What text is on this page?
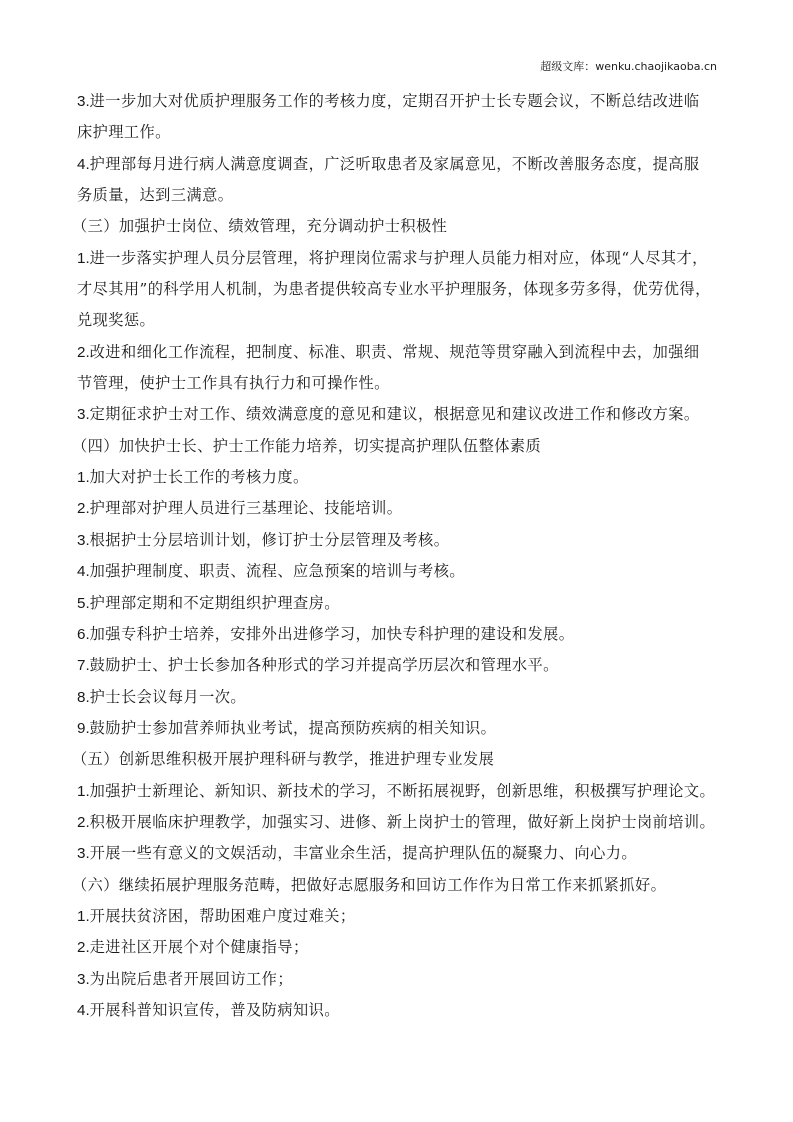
超级文库：wenku.chaojikaoba.cn
3.进一步加大对优质护理服务工作的考核力度，定期召开护士长专题会议，不断总结改进临
床护理工作。
4.护理部每月进行病人满意度调查，广泛听取患者及家属意见，不断改善服务态度，提高服
务质量，达到三满意。
（三）加强护士岗位、绩效管理，充分调动护士积极性
1.进一步落实护理人员分层管理，将护理岗位需求与护理人员能力相对应，体现“人尽其才，
才尽其用”的科学用人机制，为患者提供较高专业水平护理服务，体现多劳多得，优劳优得，
兑现奖惩。
2.改进和细化工作流程，把制度、标准、职责、常规、规范等贯穿融入到流程中去，加强细
节管理，使护士工作具有执行力和可操作性。
3.定期征求护士对工作、绩效满意度的意见和建议，根据意见和建议改进工作和修改方案。
（四）加快护士长、护士工作能力培养，切实提高护理队伍整体素质
1.加大对护士长工作的考核力度。
2.护理部对护理人员进行三基理论、技能培训。
3.根据护士分层培训计划，修订护士分层管理及考核。
4.加强护理制度、职责、流程、应急预案的培训与考核。
5.护理部定期和不定期组织护理查房。
6.加强专科护士培养，安排外出进修学习，加快专科护理的建设和发展。
7.鼓励护士、护士长参加各种形式的学习并提高学历层次和管理水平。
8.护士长会议每月一次。
9.鼓励护士参加营养师执业考试，提高预防疾病的相关知识。
（五）创新思维积极开展护理科研与教学，推进护理专业发展
1.加强护士新理论、新知识、新技术的学习，不断拓展视野，创新思维，积极撰写护理论文。
2.积极开展临床护理教学，加强实习、进修、新上岗护士的管理，做好新上岗护士岗前培训。
3.开展一些有意义的文娱活动，丰富业余生活，提高护理队伍的凝聚力、向心力。
（六）继续拓展护理服务范畴，把做好志愿服务和回访工作作为日常工作来抓紧抓好。
1.开展扶贫济困，帮助困难户度过难关；
2.走进社区开展个对个健康指导；
3.为出院后患者开展回访工作；
4.开展科普知识宣传，普及防病知识。
